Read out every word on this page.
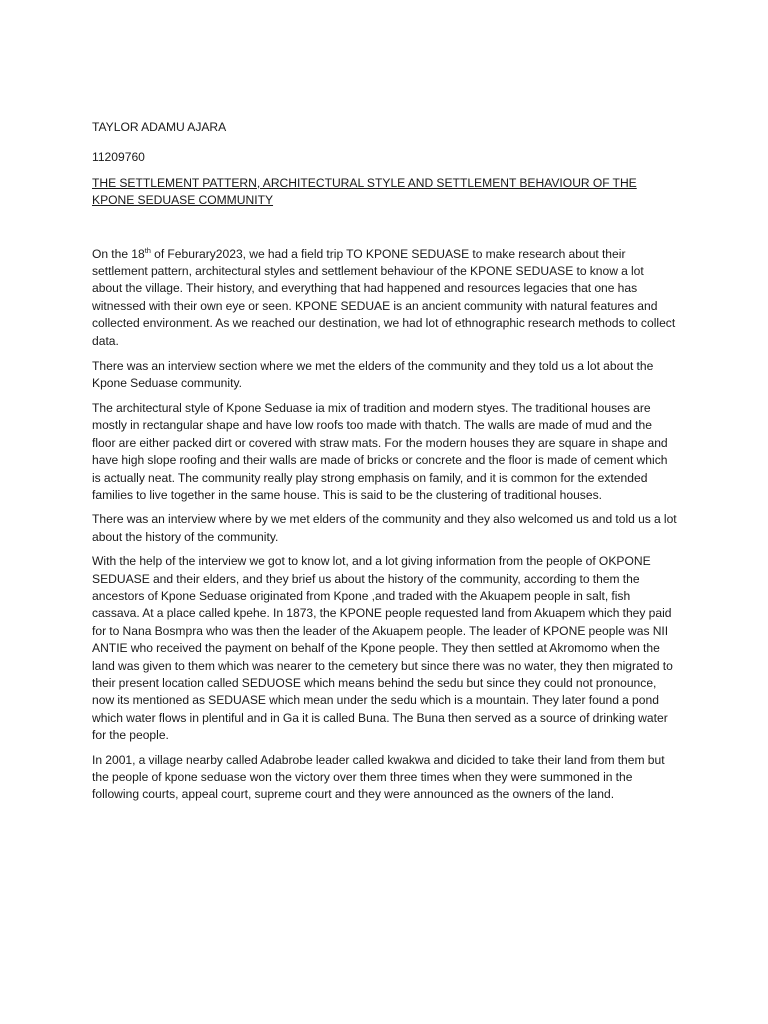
TAYLOR ADAMU AJARA

11209760

THE SETTLEMENT PATTERN, ARCHITECTURAL STYLE AND SETTLEMENT BEHAVIOUR OF THE KPONE SEDUASE COMMUNITY

On the 18th of Feburary2023, we had a field trip TO KPONE SEDUASE to make research about their settlement pattern, architectural styles and settlement behaviour of the KPONE SEDUASE to know a lot about the village. Their history, and everything that had happened and resources legacies that one has witnessed with their own eye or seen. KPONE SEDUAE is an ancient community with natural features and collected environment. As we reached our destination, we had lot of ethnographic research methods to collect data.

There was an interview section where we met the elders of the community and they told us a lot about the Kpone Seduase community.

The architectural style of Kpone Seduase ia mix of tradition and modern styes. The traditional houses are mostly in rectangular shape and have low roofs too made with thatch. The walls are made of mud and the floor are either packed dirt or covered with straw mats. For the modern houses they are square in shape and have high slope roofing and their walls are made of bricks or concrete and the floor is made of cement which is actually neat. The community really play strong emphasis on family, and it is common for the extended families to live together in the same house. This is said to be the clustering of traditional houses.

There was an interview where by we met elders of the community and they also welcomed us and told us a lot about the history of the community.

With the help of the interview we got to know lot, and a lot giving information from the people of OKPONE SEDUASE and their elders, and they brief us about the history of the community, according to them the ancestors of Kpone Seduase originated from Kpone ,and traded with the Akuapem people in salt, fish cassava. At a place called kpehe. In 1873, the KPONE people requested land from Akuapem which they paid for to Nana Bosmpra who was then the leader of the Akuapem people. The leader of KPONE people was NII ANTIE who received the payment on behalf of the Kpone people. They then settled at Akromomo when the land was given to them which was nearer to the cemetery but since there was no water, they then migrated to their present location called SEDUOSE which means behind the sedu but since they could not pronounce, now its mentioned as SEDUASE which mean under the sedu which is a mountain. They later found a pond which water flows in plentiful and in Ga it is called Buna. The Buna then served as a source of drinking water for the people.

In 2001, a village nearby called Adabrobe leader called kwakwa and dicided to take their land from them but the people of kpone seduase won the victory over them three times when they were summoned in the following courts, appeal court, supreme court and they were announced as the owners of the land.
